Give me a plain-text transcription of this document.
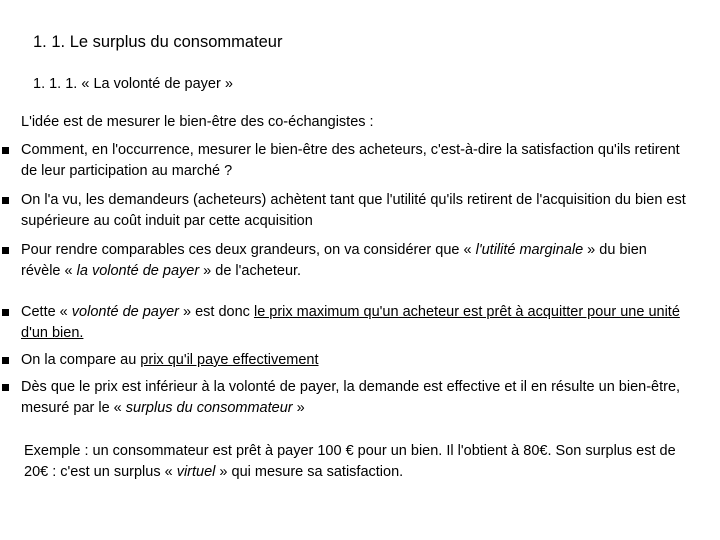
1. 1. Le surplus du consommateur
1. 1. 1. « La volonté de payer »
L'idée est de mesurer le bien-être des co-échangistes :
Comment, en l'occurrence, mesurer le bien-être des acheteurs, c'est-à-dire la satisfaction qu'ils retirent de leur participation au marché ?
On l'a vu, les demandeurs (acheteurs) achètent tant que l'utilité qu'ils retirent de l'acquisition du bien est supérieure au coût induit par cette acquisition
Pour rendre comparables ces deux grandeurs, on va considérer que « l'utilité marginale » du bien révèle « la volonté de payer » de l'acheteur.
Cette « volonté de payer » est donc le prix maximum qu'un acheteur est prêt à acquitter pour une unité d'un bien.
On la compare au prix qu'il paye effectivement
Dès que le prix est inférieur à la volonté de payer, la demande est effective et il en résulte un bien-être, mesuré par le « surplus du consommateur »
Exemple : un consommateur est prêt à payer 100 € pour un bien. Il l'obtient à 80€. Son surplus est de 20€ : c'est un surplus « virtuel » qui mesure sa satisfaction.
